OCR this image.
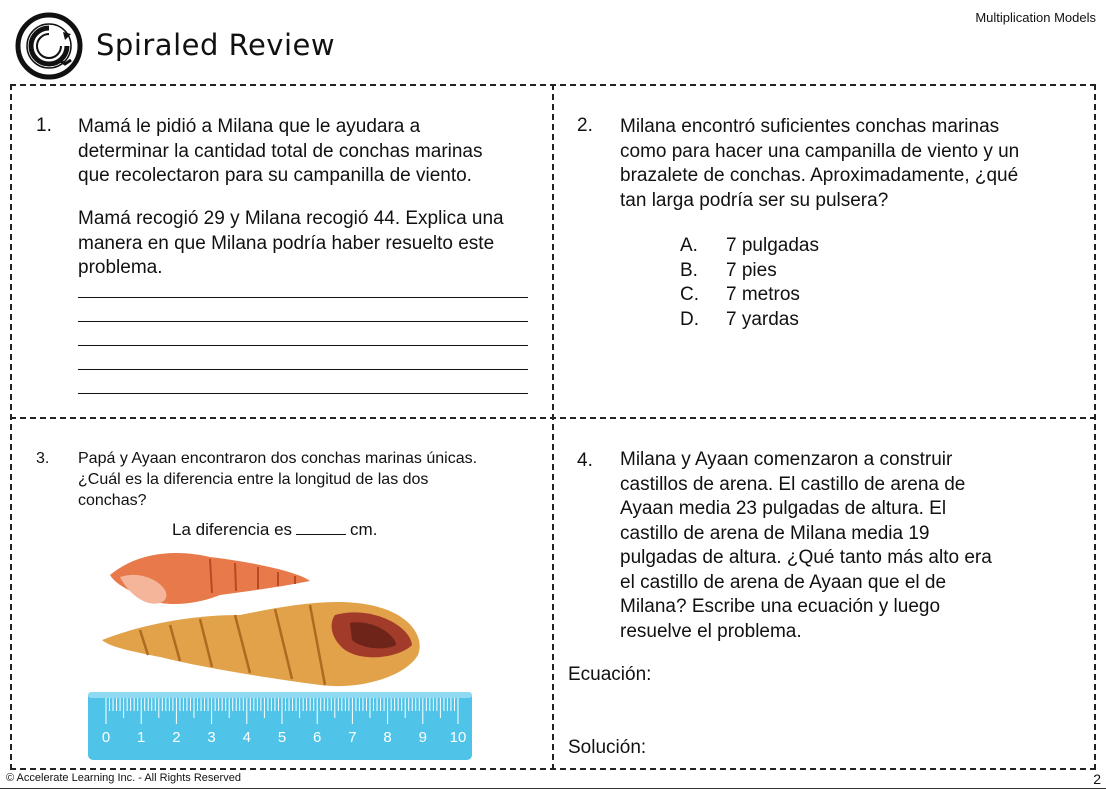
Multiplication Models
Spiraled Review
1. Mamá le pidió a Milana que le ayudara a
determinar la cantidad total de conchas marinas
que recolectaron para su campanilla de viento.
Mamá recogió 29 y Milana recogió 44. Explica una
manera en que Milana podría haber resuelto este
problema.
2. Milana encontró suficientes conchas marinas
como para hacer una campanilla de viento y un
brazalete de conchas. Aproximadamente, ¿qué
tan larga podría ser su pulsera?
A.	7 pulgadas
B.	7 pies
C.	7 metros
D.	7 yardas
3. Papá y Ayaan encontraron dos conchas marinas únicas.
¿Cuál es la diferencia entre la longitud de las dos
conchas?
La diferencia es	cm.
0 1 2 3 4 5 6 7 8 9 10
4. Milana y Ayaan comenzaron a construir
castillos de arena. El castillo de arena de
Ayaan media 23 pulgadas de altura. El
castillo de arena de Milana media 19
pulgadas de altura. ¿Qué tanto más alto era
el castillo de arena de Ayaan que el de
Milana? Escribe una ecuación y luego
resuelve el problema.
Ecuación:
Solución:
© Accelerate Learning Inc. - All Rights Reserved	2
